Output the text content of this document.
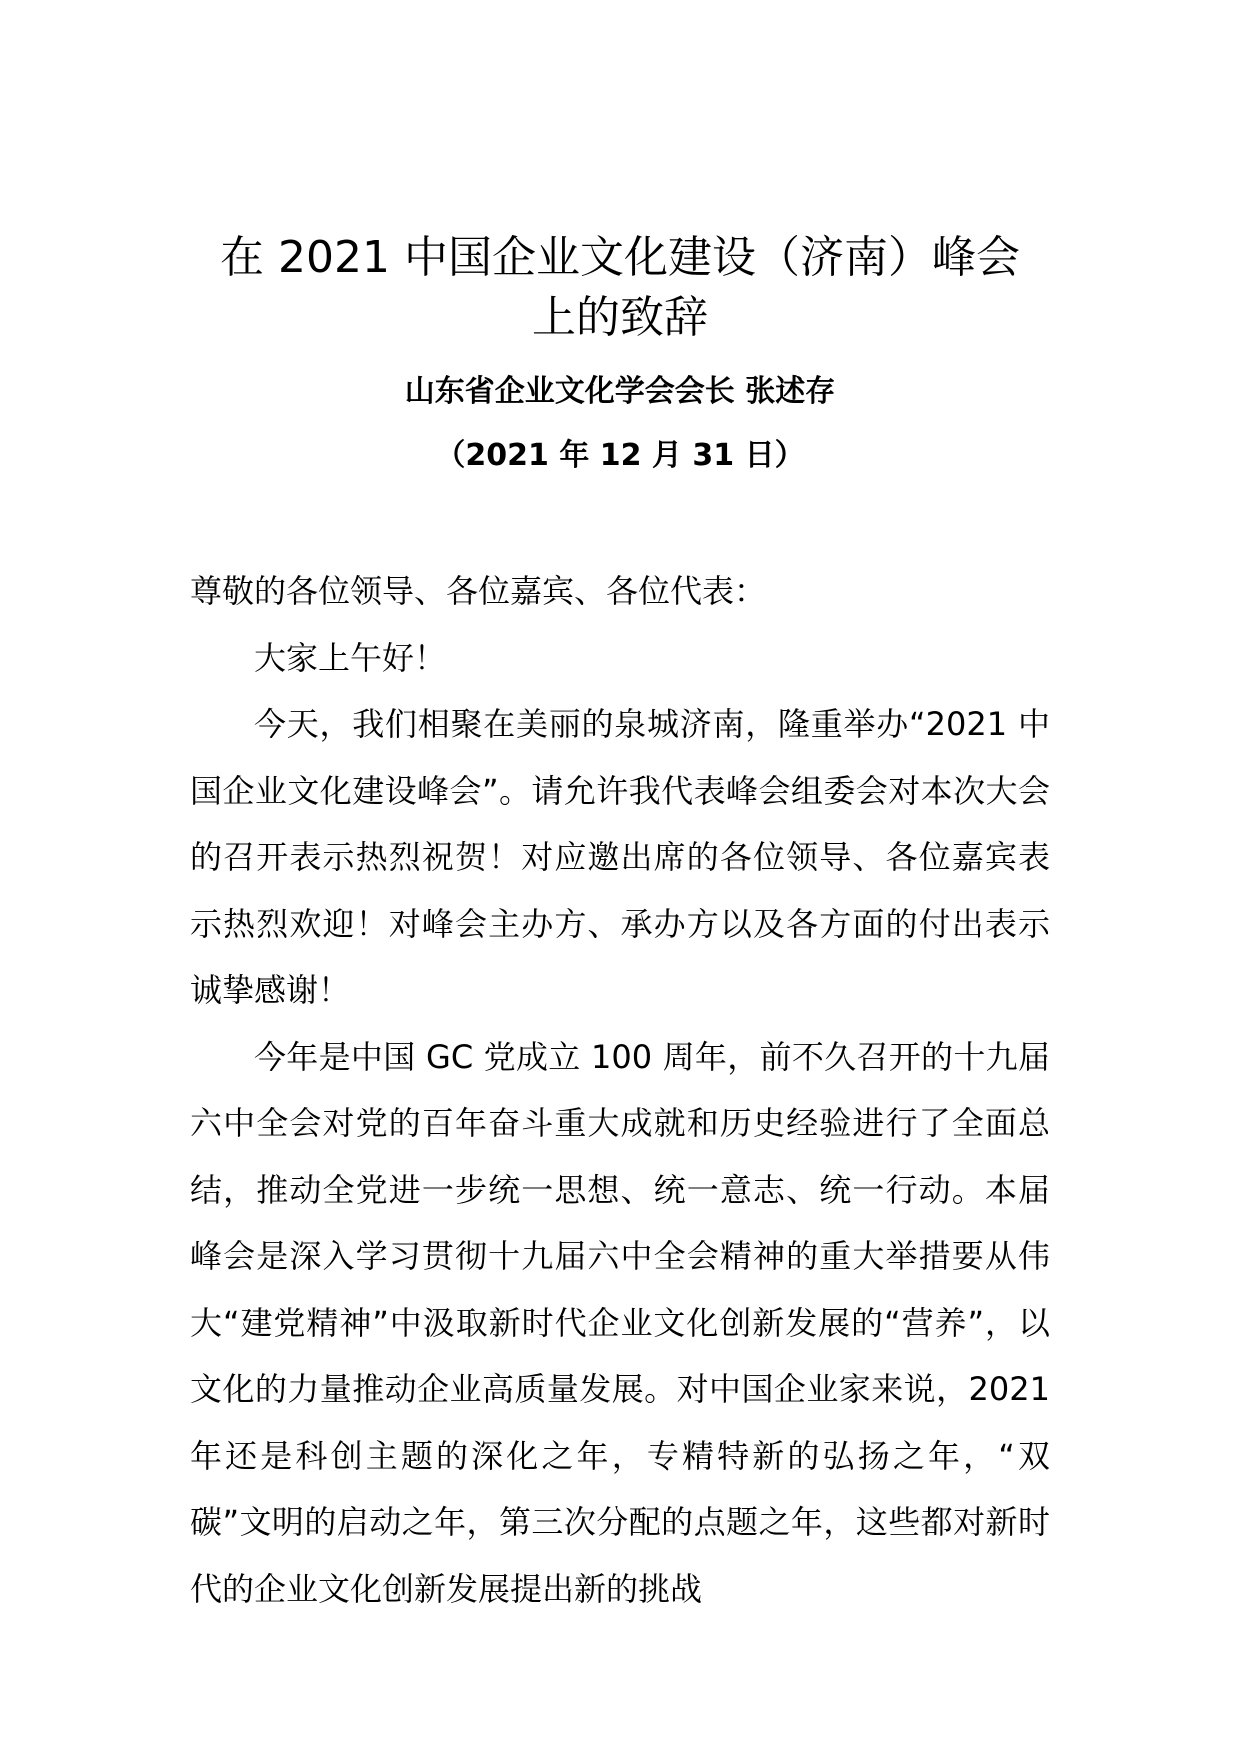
在 2021 中国企业文化建设（济南）峰会
上的致辞

山东省企业文化学会会长 张述存

（2021 年 12 月 31 日）

尊敬的各位领导、各位嘉宾、各位代表：

大家上午好！

今天，我们相聚在美丽的泉城济南，隆重举办“2021 中国企业文化建设峰会”。请允许我代表峰会组委会对本次大会的召开表示热烈祝贺！对应邀出席的各位领导、各位嘉宾表示热烈欢迎！对峰会主办方、承办方以及各方面的付出表示诚挚感谢！

今年是中国 GC 党成立 100 周年，前不久召开的十九届六中全会对党的百年奋斗重大成就和历史经验进行了全面总结，推动全党进一步统一思想、统一意志、统一行动。本届峰会是深入学习贯彻十九届六中全会精神的重大举措要从伟大“建党精神”中汲取新时代企业文化创新发展的“营养”，以文化的力量推动企业高质量发展。对中国企业家来说，2021 年还是科创主题的深化之年，专精特新的弘扬之年，“双碳”文明的启动之年，第三次分配的点题之年，这些都对新时代的企业文化创新发展提出新的挑战
